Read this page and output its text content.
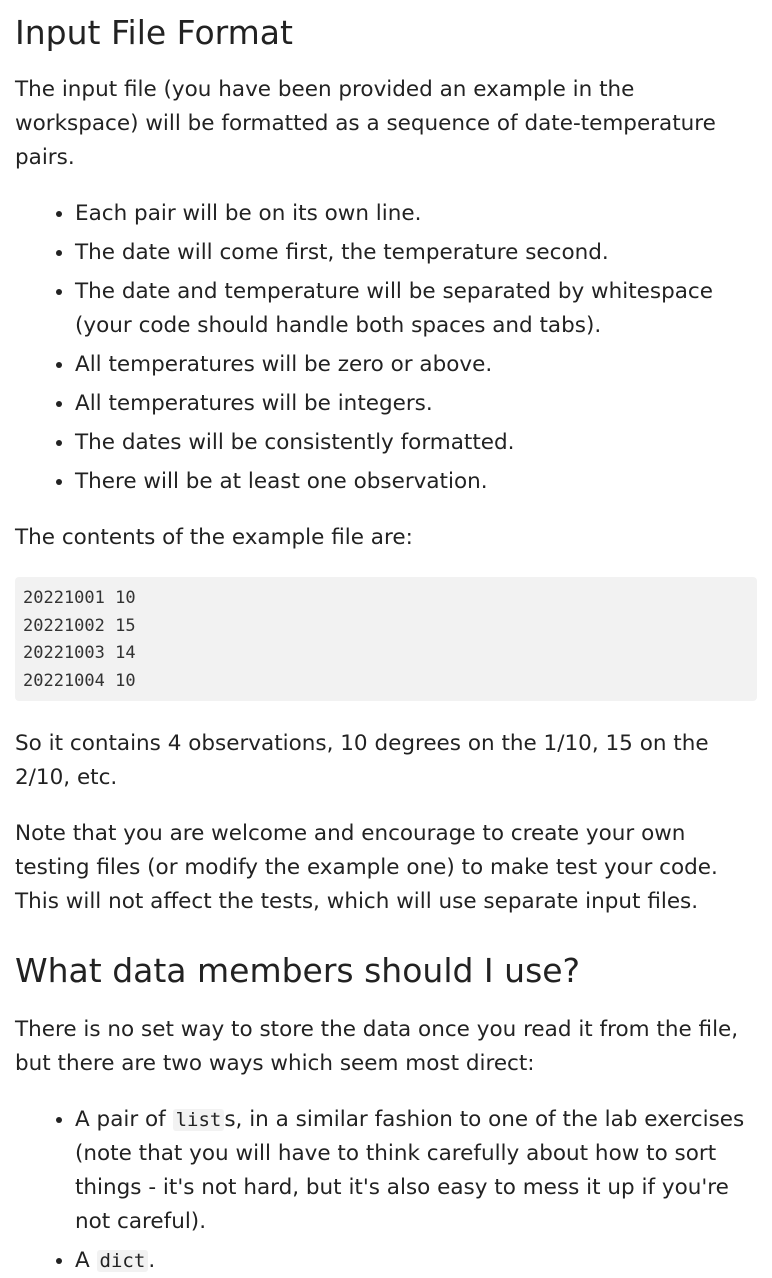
Input File Format

The input file (you have been provided an example in the workspace) will be formatted as a sequence of date-temperature pairs.

• Each pair will be on its own line.
• The date will come first, the temperature second.
• The date and temperature will be separated by whitespace (your code should handle both spaces and tabs).
• All temperatures will be zero or above.
• All temperatures will be integers.
• The dates will be consistently formatted.
• There will be at least one observation.

The contents of the example file are:

20221001 10
20221002 15
20221003 14
20221004 10

So it contains 4 observations, 10 degrees on the 1/10, 15 on the 2/10, etc.

Note that you are welcome and encourage to create your own testing files (or modify the example one) to make test your code. This will not affect the tests, which will use separate input files.

What data members should I use?

There is no set way to store the data once you read it from the file, but there are two ways which seem most direct:

• A pair of list s, in a similar fashion to one of the lab exercises (note that you will have to think carefully about how to sort things - it's not hard, but it's also easy to mess it up if you're not careful).
• A dict .
